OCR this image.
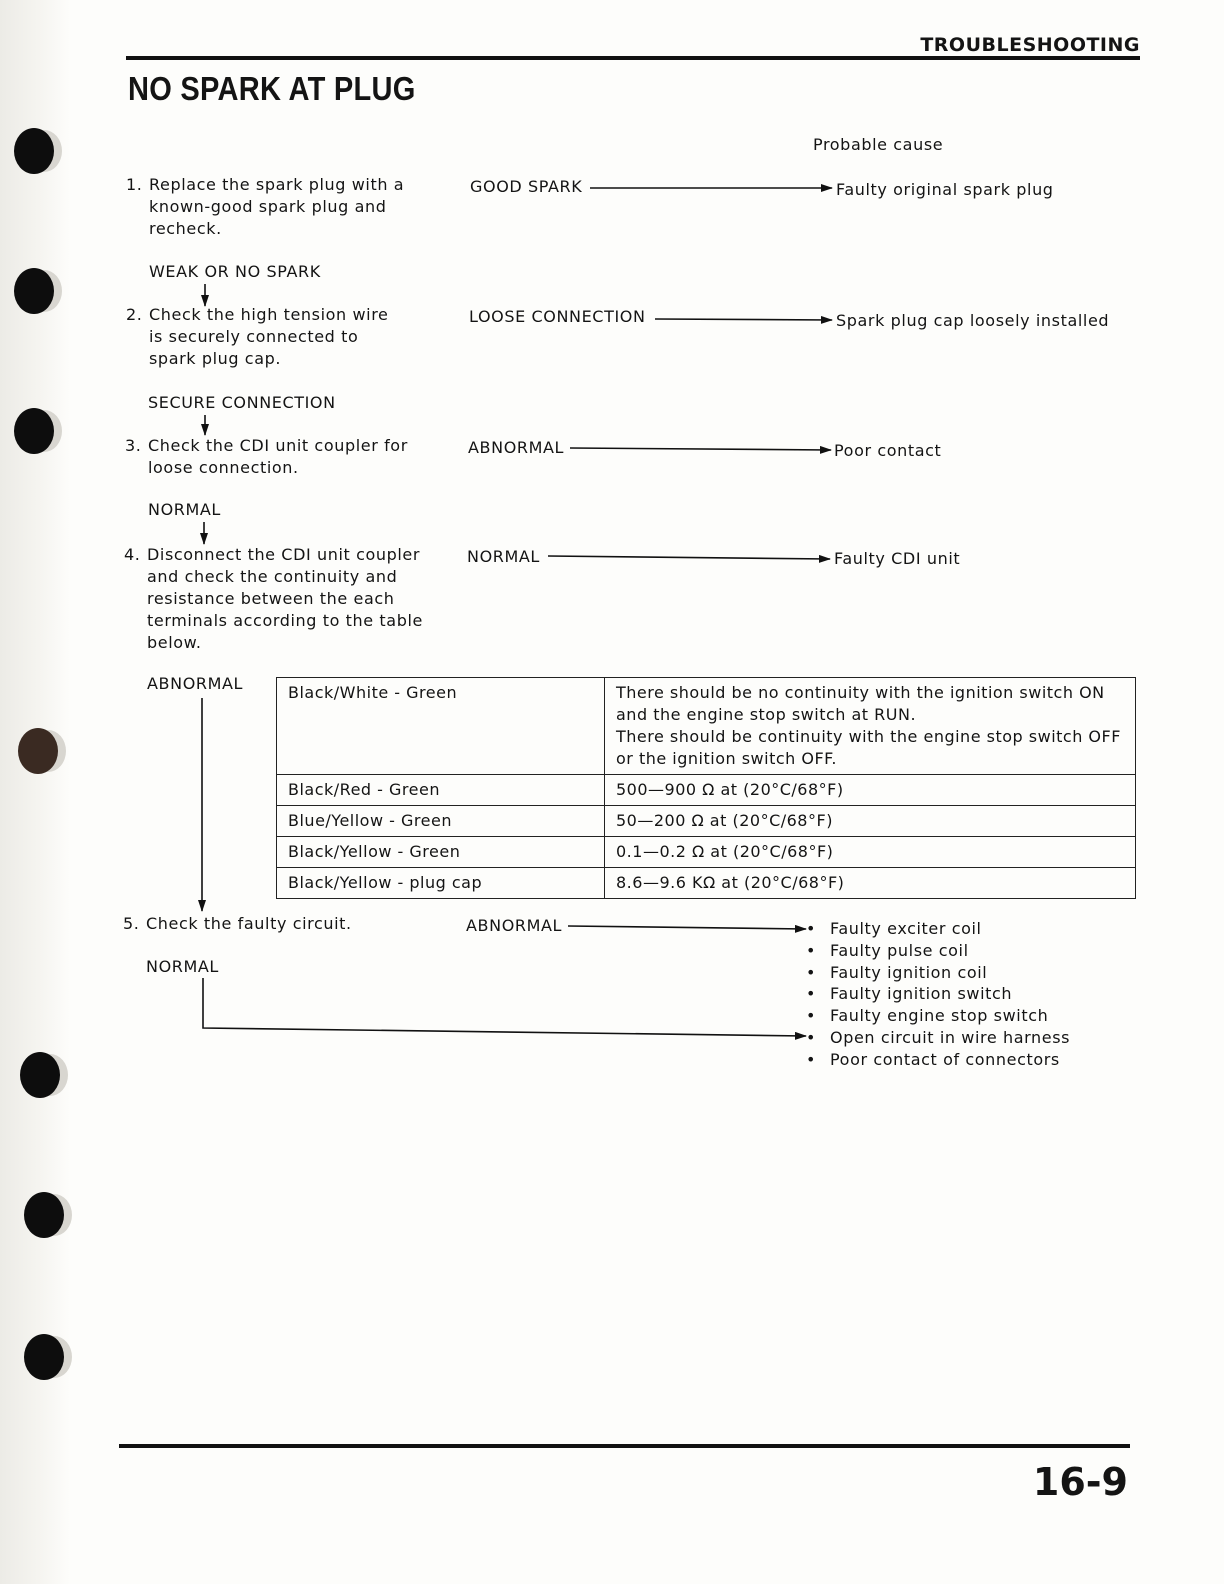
TROUBLESHOOTING
NO SPARK AT PLUG
Probable cause
1. Replace the spark plug with a
known-good spark plug and
recheck.
GOOD SPARK	Faulty original spark plug
WEAK OR NO SPARK
2. Check the high tension wire
is securely connected to
spark plug cap.
LOOSE CONNECTION	Spark plug cap loosely installed
SECURE CONNECTION
3. Check the CDI unit coupler for
loose connection.
ABNORMAL	Poor contact
NORMAL
4. Disconnect the CDI unit coupler
and check the continuity and
resistance between the each
terminals according to the table
below.
NORMAL	Faulty CDI unit
ABNORMAL	Black/White - Green	There should be no continuity with the ignition switch ON
and the engine stop switch at RUN.
There should be continuity with the engine stop switch OFF
or the ignition switch OFF.
Black/Red - Green	500—900 Ω at (20°C/68°F)
Blue/Yellow - Green	50—200 Ω at (20°C/68°F)
Black/Yellow - Green	0.1—0.2 Ω at (20°C/68°F)
Black/Yellow - plug cap	8.6—9.6 KΩ at (20°C/68°F)
5. Check the faulty circuit.	ABNORMAL
NORMAL
• Faulty exciter coil
• Faulty pulse coil
• Faulty ignition coil
• Faulty ignition switch
• Faulty engine stop switch
• Open circuit in wire harness
• Poor contact of connectors
16-9
